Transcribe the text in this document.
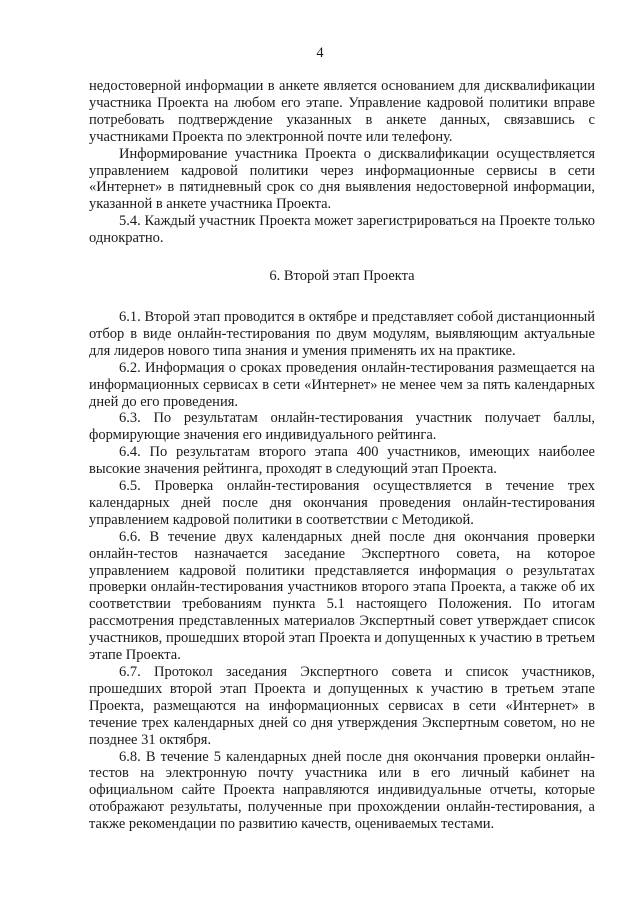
4

недостоверной информации в анкете является основанием для дисквалификации участника Проекта на любом его этапе. Управление кадровой политики вправе потребовать подтверждение указанных в анкете данных, связавшись с участниками Проекта по электронной почте или телефону.

Информирование участника Проекта о дисквалификации осуществляется управлением кадровой политики через информационные сервисы в сети «Интернет» в пятидневный срок со дня выявления недостоверной информации, указанной в анкете участника Проекта.

5.4. Каждый участник Проекта может зарегистрироваться на Проекте только однократно.

6. Второй этап Проекта

6.1. Второй этап проводится в октябре и представляет собой дистанционный отбор в виде онлайн-тестирования по двум модулям, выявляющим актуальные для лидеров нового типа знания и умения применять их на практике.

6.2. Информация о сроках проведения онлайн-тестирования размещается на информационных сервисах в сети «Интернет» не менее чем за пять календарных дней до его проведения.

6.3. По результатам онлайн-тестирования участник получает баллы, формирующие значения его индивидуального рейтинга.

6.4. По результатам второго этапа 400 участников, имеющих наиболее высокие значения рейтинга, проходят в следующий этап Проекта.

6.5. Проверка онлайн-тестирования осуществляется в течение трех календарных дней после дня окончания проведения онлайн-тестирования управлением кадровой политики в соответствии с Методикой.

6.6. В течение двух календарных дней после дня окончания проверки онлайн-тестов назначается заседание Экспертного совета, на которое управлением кадровой политики представляется информация о результатах проверки онлайн-тестирования участников второго этапа Проекта, а также об их соответствии требованиям пункта 5.1 настоящего Положения. По итогам рассмотрения представленных материалов Экспертный совет утверждает список участников, прошедших второй этап Проекта и допущенных к участию в третьем этапе Проекта.

6.7. Протокол заседания Экспертного совета и список участников, прошедших второй этап Проекта и допущенных к участию в третьем этапе Проекта, размещаются на информационных сервисах в сети «Интернет» в течение трех календарных дней со дня утверждения Экспертным советом, но не позднее 31 октября.

6.8. В течение 5 календарных дней после дня окончания проверки онлайн-тестов на электронную почту участника или в его личный кабинет на официальном сайте Проекта направляются индивидуальные отчеты, которые отображают результаты, полученные при прохождении онлайн-тестирования, а также рекомендации по развитию качеств, оцениваемых тестами.
